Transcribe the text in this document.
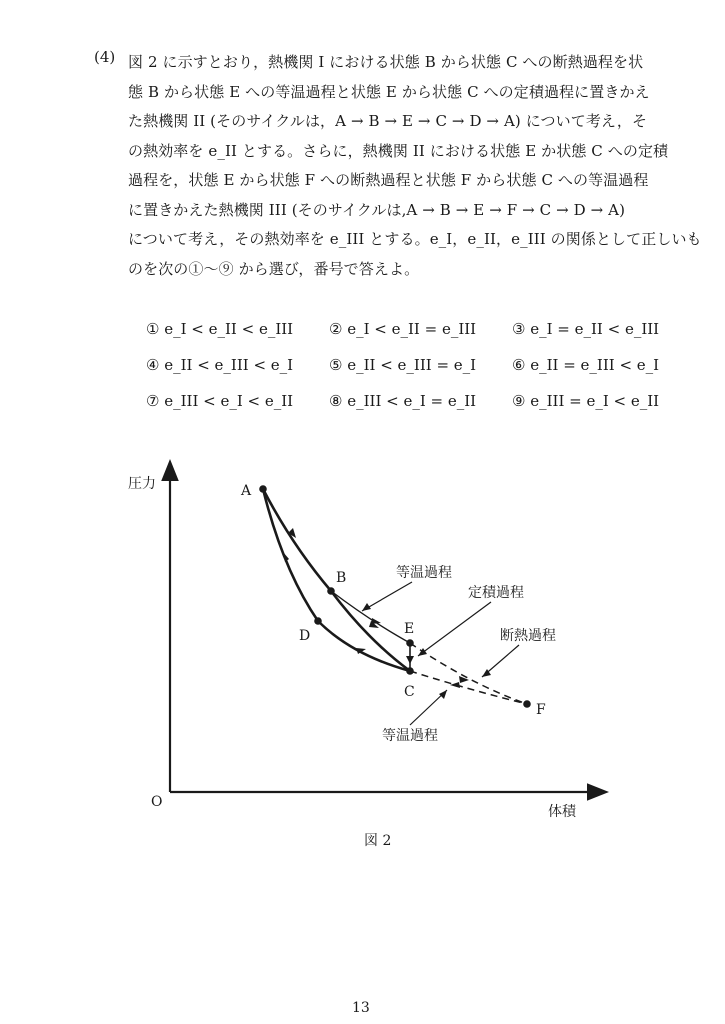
(4) 図 2 に示すとおり，熱機関 I における状態 B から状態 C への断熱過程を状
態 B から状態 E への等温過程と状態 E から状態 C への定積過程に置きかえ
た熱機関 II (そのサイクルは，A → B → E → C → D → A) について考え，そ
の熱効率を e_II とする。さらに，熱機関 II における状態 E か状態 C への定積
過程を，状態 E から状態 F への断熱過程と状態 F から状態 C への等温過程
に置きかえた熱機関 III (そのサイクルは,A → B → E → F → C → D → A)
について考え，その熱効率を e_III とする。e_I，e_II，e_III の関係として正しいも
のを次の①～⑨ から選び，番号で答えよ。
① e_I < e_II < e_III ② e_I < e_II = e_III ③ e_I = e_II < e_III
④ e_II < e_III < e_I ⑤ e_II < e_III = e_I ⑥ e_II = e_III < e_I
⑦ e_III < e_I < e_II ⑧ e_III < e_I = e_II ⑨ e_III = e_I < e_II
圧力
体積
O
A
B
D	E
C
F
等温過程
定積過程
断熱過程
等温過程
図 2
13
